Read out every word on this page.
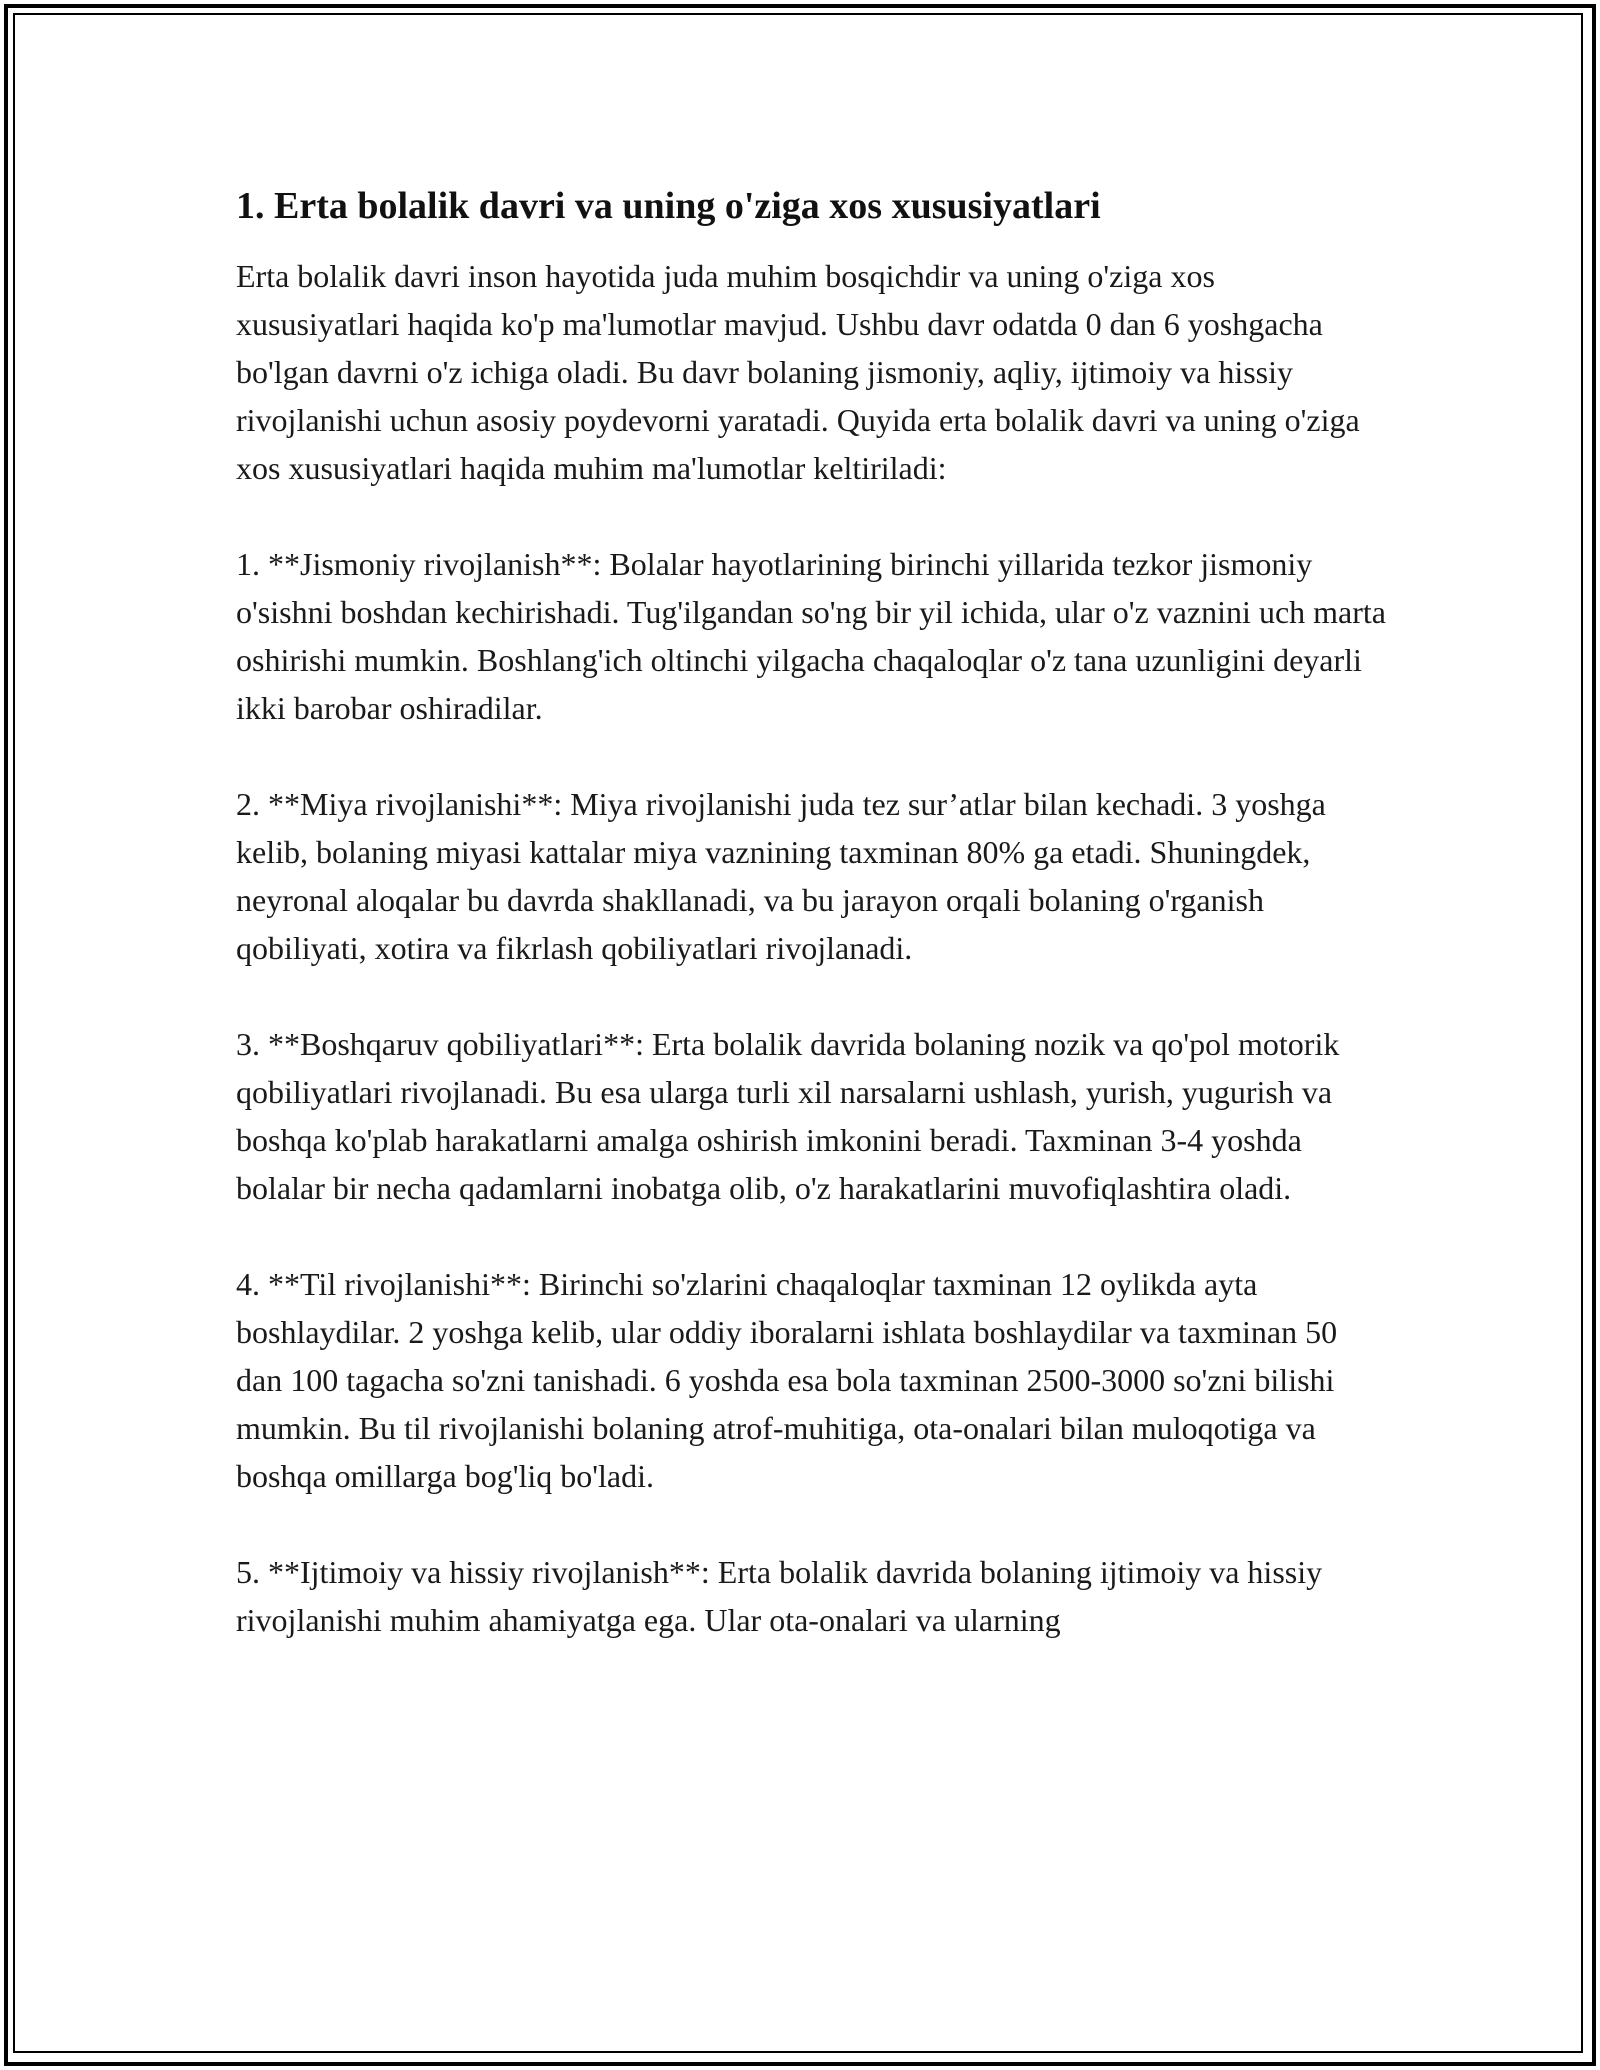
1. Erta bolalik davri va uning o'ziga xos xususiyatlari

Erta bolalik davri inson hayotida juda muhim bosqichdir va uning o'ziga xos xususiyatlari haqida ko'p ma'lumotlar mavjud. Ushbu davr odatda 0 dan 6 yoshgacha bo'lgan davrni o'z ichiga oladi. Bu davr bolaning jismoniy, aqliy, ijtimoiy va hissiy rivojlanishi uchun asosiy poydevorni yaratadi. Quyida erta bolalik davri va uning o'ziga xos xususiyatlari haqida muhim ma'lumotlar keltiriladi:

1. **Jismoniy rivojlanish**: Bolalar hayotlarining birinchi yillarida tezkor jismoniy o'sishni boshdan kechirishadi. Tug'ilgandan so'ng bir yil ichida, ular o'z vaznini uch marta oshirishi mumkin. Boshlang'ich oltinchi yilgacha chaqaloqlar o'z tana uzunligini deyarli ikki barobar oshiradilar.

2. **Miya rivojlanishi**: Miya rivojlanishi juda tez sur’atlar bilan kechadi. 3 yoshga kelib, bolaning miyasi kattalar miya vaznining taxminan 80% ga etadi. Shuningdek, neyronal aloqalar bu davrda shakllanadi, va bu jarayon orqali bolaning o'rganish qobiliyati, xotira va fikrlash qobiliyatlari rivojlanadi.

3. **Boshqaruv qobiliyatlari**: Erta bolalik davrida bolaning nozik va qo'pol motorik qobiliyatlari rivojlanadi. Bu esa ularga turli xil narsalarni ushlash, yurish, yugurish va boshqa ko'plab harakatlarni amalga oshirish imkonini beradi. Taxminan 3-4 yoshda bolalar bir necha qadamlarni inobatga olib, o'z harakatlarini muvofiqlashtira oladi.

4. **Til rivojlanishi**: Birinchi so'zlarini chaqaloqlar taxminan 12 oylikda ayta boshlaydilar. 2 yoshga kelib, ular oddiy iboralarni ishlata boshlaydilar va taxminan 50 dan 100 tagacha so'zni tanishadi. 6 yoshda esa bola taxminan 2500-3000 so'zni bilishi mumkin. Bu til rivojlanishi bolaning atrof-muhitiga, ota-onalari bilan muloqotiga va boshqa omillarga bog'liq bo'ladi.

5. **Ijtimoiy va hissiy rivojlanish**: Erta bolalik davrida bolaning ijtimoiy va hissiy rivojlanishi muhim ahamiyatga ega. Ular ota-onalari va ularning
